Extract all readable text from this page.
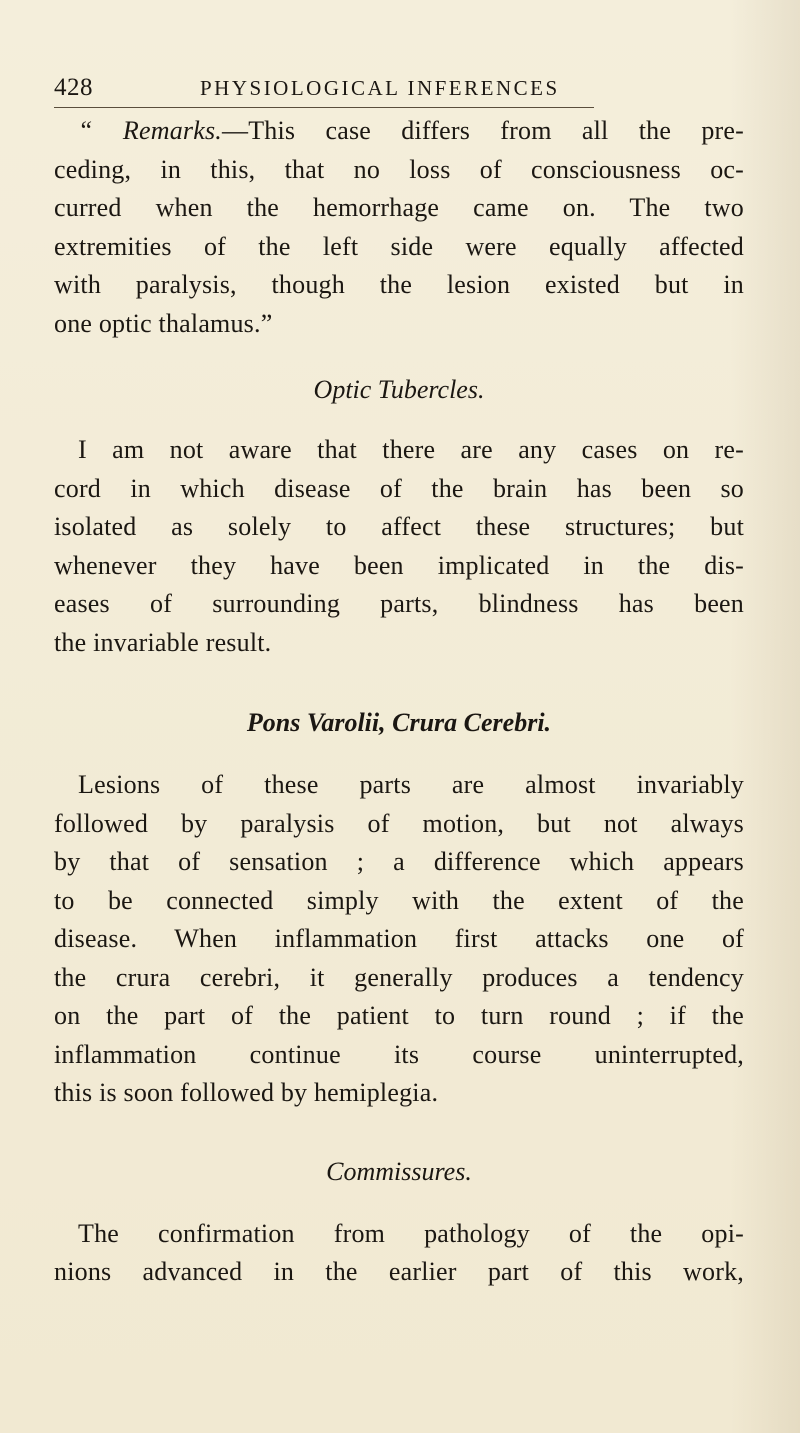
428	PHYSIOLOGICAL INFERENCES

“ Remarks.—This case differs from all the pre-
ceding, in this, that no loss of consciousness oc-
curred when the hemorrhage came on. The two
extremities of the left side were equally affected
with paralysis, though the lesion existed but in
one optic thalamus.”

Optic Tubercles.

I am not aware that there are any cases on re-
cord in which disease of the brain has been so
isolated as solely to affect these structures; but
whenever they have been implicated in the dis-
eases of surrounding parts, blindness has been
the invariable result.

Pons Varolii, Crura Cerebri.

Lesions of these parts are almost invariably
followed by paralysis of motion, but not always
by that of sensation ; a difference which appears
to be connected simply with the extent of the
disease. When inflammation first attacks one of
the crura cerebri, it generally produces a tendency
on the part of the patient to turn round ; if the
inflammation continue its course uninterrupted,
this is soon followed by hemiplegia.

Commissures.

The confirmation from pathology of the opi-
nions advanced in the earlier part of this work,
